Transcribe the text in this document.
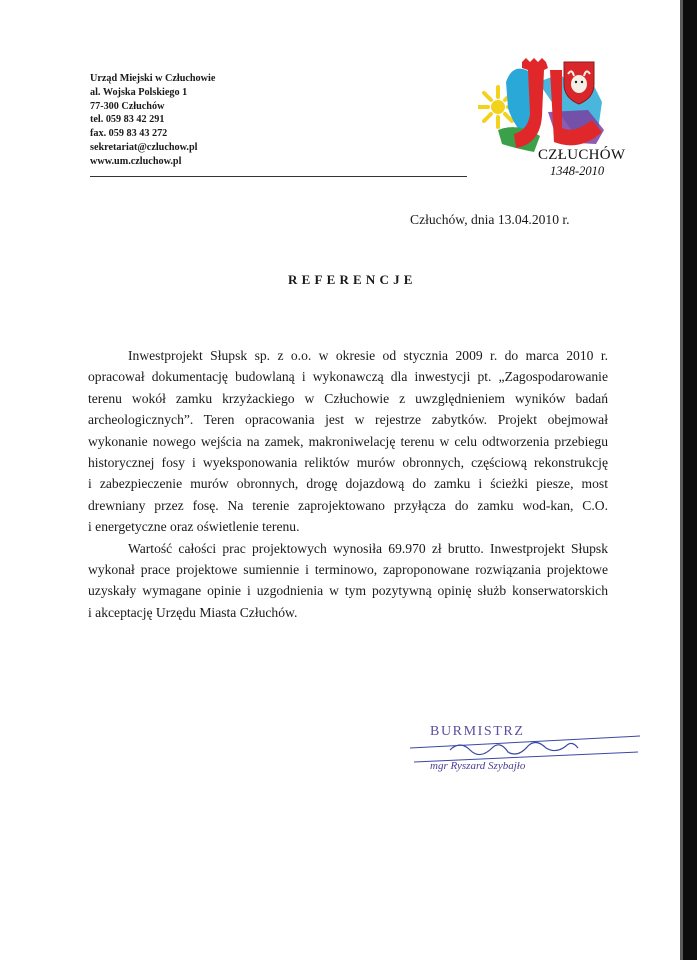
Urząd Miejski w Człuchowie
al. Wojska Polskiego 1
77-300 Człuchów
tel. 059 83 42 291
fax. 059 83 43 272
sekretariat@czluchow.pl
www.um.czluchow.pl	CZŁUCHÓW
1348-2010
Człuchów, dnia 13.04.2010 r.
REFERENCJE
Inwestprojekt Słupsk sp. z o.o. w okresie od stycznia 2009 r. do marca 2010 r.
opracował dokumentację budowlaną i wykonawczą dla inwestycji pt. „Zagospodarowanie
terenu wokół zamku krzyżackiego w Człuchowie z uwzględnieniem wyników badań
archeologicznych”. Teren opracowania jest w rejestrze zabytków. Projekt obejmował
wykonanie nowego wejścia na zamek, makroniwelację terenu w celu odtworzenia przebiegu
historycznej fosy i wyeksponowania reliktów murów obronnych, częściową rekonstrukcję
i zabezpieczenie murów obronnych, drogę dojazdową do zamku i ścieżki piesze, most
drewniany przez fosę. Na terenie zaprojektowano przyłącza do zamku wod-kan, C.O.
i energetyczne oraz oświetlenie terenu.
Wartość całości prac projektowych wynosiła 69.970 zł brutto. Inwestprojekt Słupsk
wykonał prace projektowe sumiennie i terminowo, zaproponowane rozwiązania projektowe
uzyskały wymagane opinie i uzgodnienia w tym pozytywną opinię służb konserwatorskich
i akceptację Urzędu Miasta Człuchów.
BURMISTRZ
mgr Ryszard Szybajło
